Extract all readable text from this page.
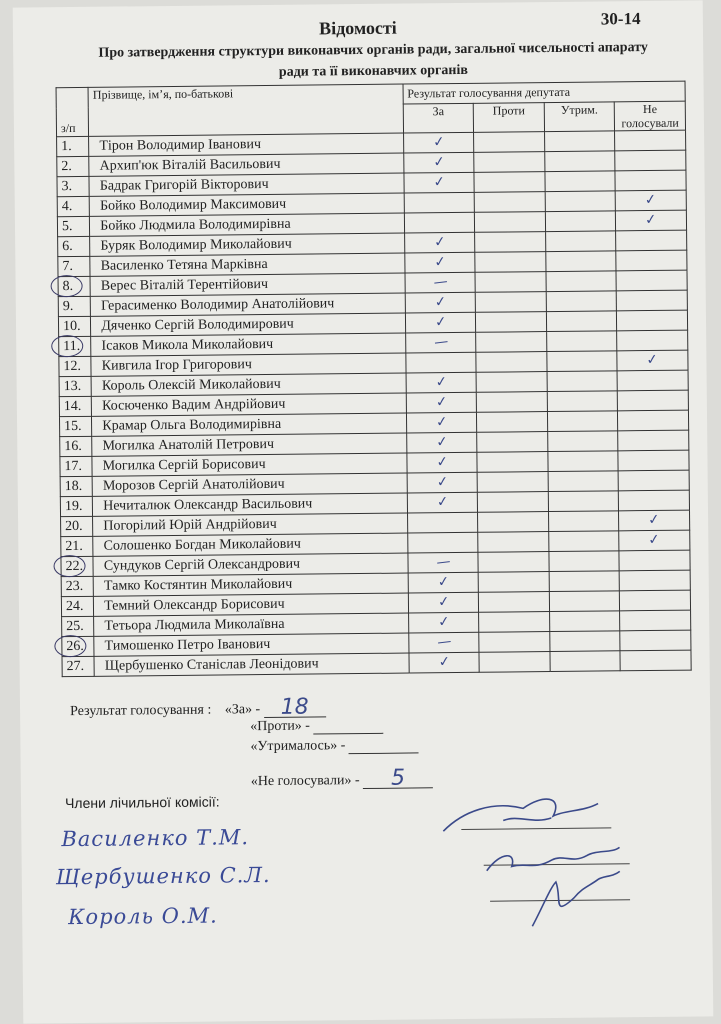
30-14
Відомості
Про затвердження структури виконавчих органів ради, загальної чисельності апарату ради та її виконавчих органів
з/п	Прізвище, ім’я, по-батькові	Результат голосування депутата			
		За	Проти	Утрим.	Не голосували
1.	Тірон Володимир Іванович	✓			
2.	Архип'юк Віталій Васильович	✓			
3.	Бадрак Григорій Вікторович	✓			
4.	Бойко Володимир Максимович				✓
5.	Бойко Людмила Володимирівна				✓
6.	Буряк Володимир Миколайович	✓			
7.	Василенко Тетяна Марківна	✓			
8.	Верес Віталій Терентійович	—			
9.	Герасименко Володимир Анатолійович	✓			
10.	Дяченко Сергій Володимирович	✓			
11.	Ісаков Микола Миколайович	—			
12.	Кивгила Ігор Григорович				✓
13.	Король Олексій Миколайович	✓			
14.	Косюченко Вадим Андрійович	✓			
15.	Крамар Ольга Володимирівна	✓			
16.	Могилка Анатолій Петрович	✓			
17.	Могилка Сергій Борисович	✓			
18.	Морозов Сергій Анатолійович	✓			
19.	Нечиталюк Олександр Васильович	✓			
20.	Погорілий Юрій Андрійович				✓
21.	Солошенко Богдан Миколайович				✓
22.	Сундуков Сергій Олександрович	—			
23.	Тамко Костянтин Миколайович	✓			
24.	Темний Олександр Борисович	✓			
25.	Тетьора Людмила Миколаївна	✓			
26.	Тимошенко Петро Іванович	—			
27.	Щербушенко Станіслав Леонідович	✓			
Результат голосування : «За» - 18
«Проти» -
«Утрималось» -
«Не голосували» - 5
Члени лічильної комісії:
Василенко Т.М.
Щербушенко С.Л.
Король О.М.
